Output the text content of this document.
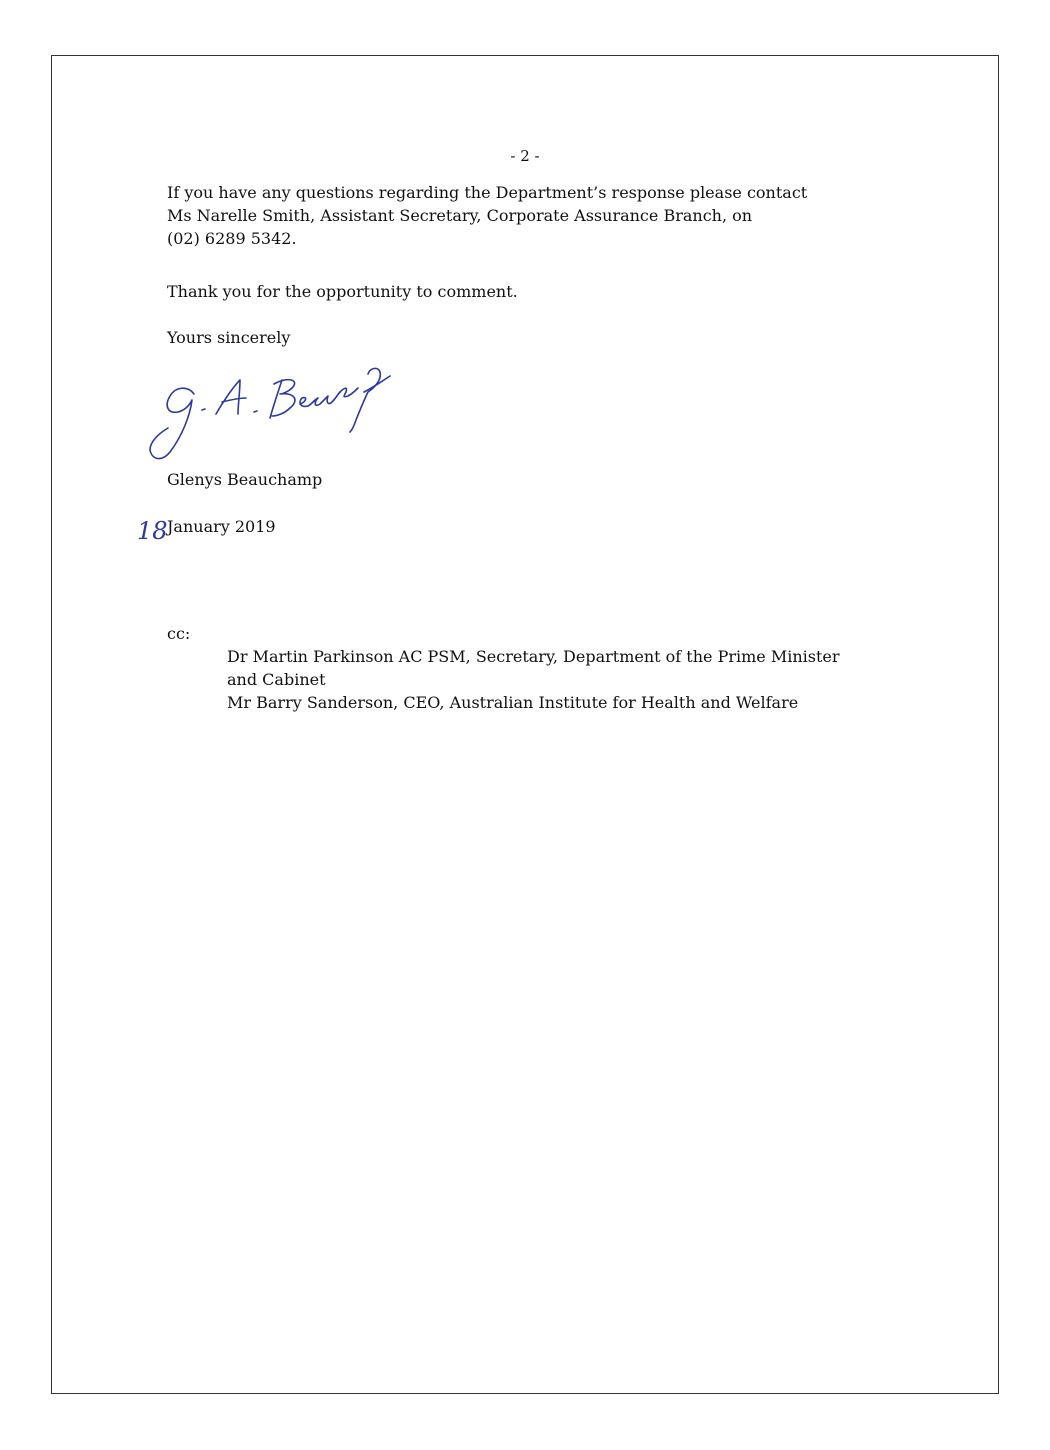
- 2 -
If you have any questions regarding the Department’s response please contact
Ms Narelle Smith, Assistant Secretary, Corporate Assurance Branch, on
(02) 6289 5342.
Thank you for the opportunity to comment.
Yours sincerely
Glenys Beauchamp
18 January 2019
cc:
Dr Martin Parkinson AC PSM, Secretary, Department of the Prime Minister
and Cabinet
Mr Barry Sanderson, CEO, Australian Institute for Health and Welfare
